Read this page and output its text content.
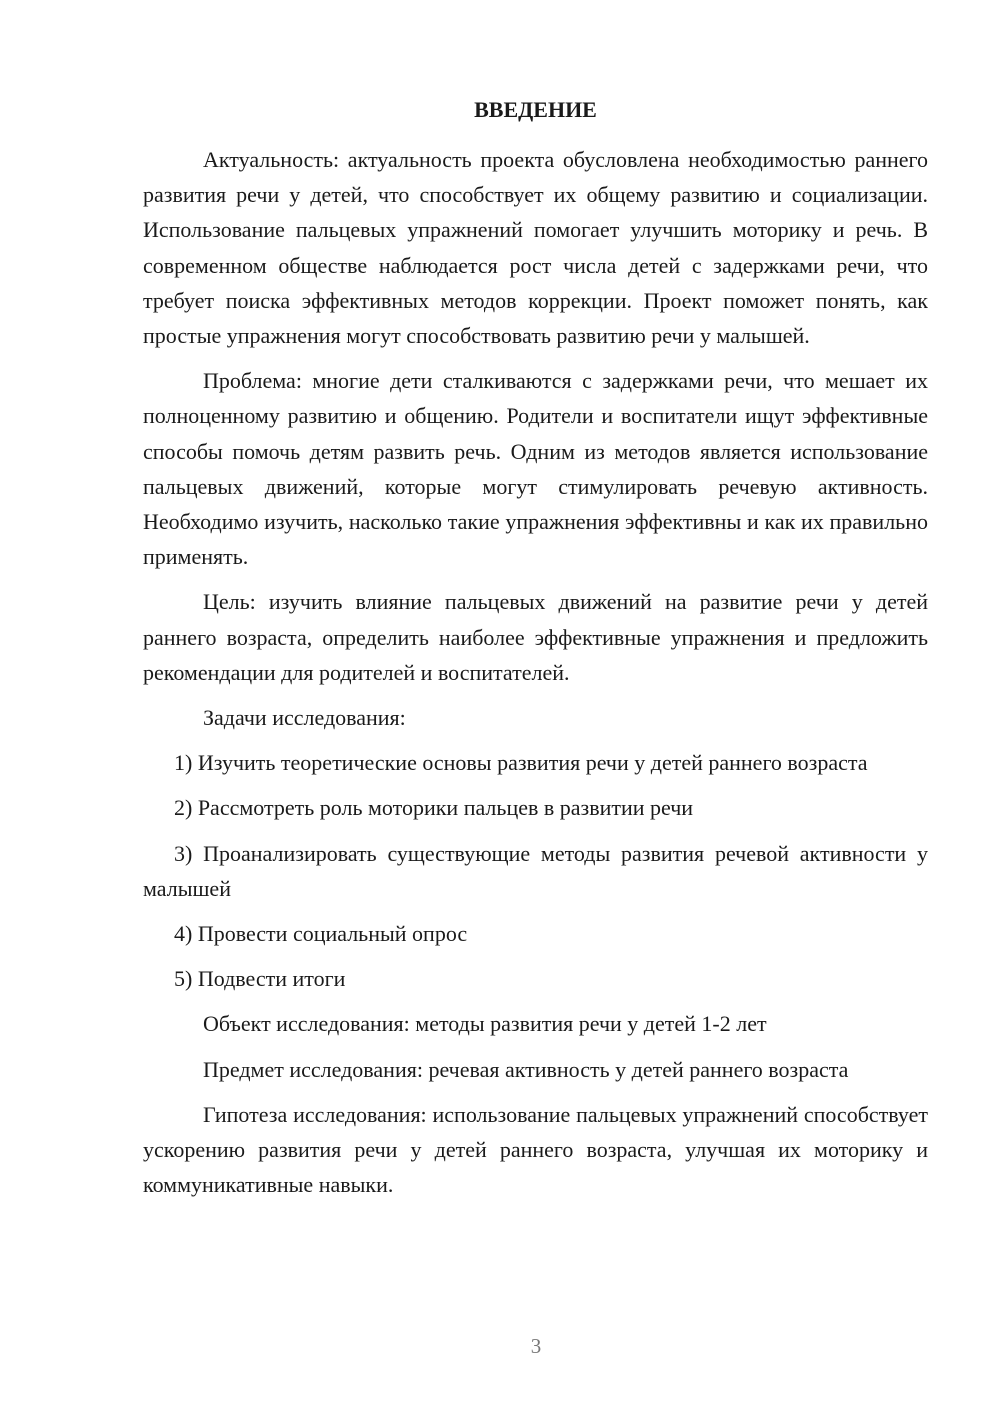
ВВЕДЕНИЕ

Актуальность: актуальность проекта обусловлена необходимостью раннего развития речи у детей, что способствует их общему развитию и социализации. Использование пальцевых упражнений помогает улучшить моторику и речь. В современном обществе наблюдается рост числа детей с задержками речи, что требует поиска эффективных методов коррекции. Проект поможет понять, как простые упражнения могут способствовать развитию речи у малышей.

Проблема: многие дети сталкиваются с задержками речи, что мешает их полноценному развитию и общению. Родители и воспитатели ищут эффективные способы помочь детям развить речь. Одним из методов является использование пальцевых движений, которые могут стимулировать речевую активность. Необходимо изучить, насколько такие упражнения эффективны и как их правильно применять.

Цель: изучить влияние пальцевых движений на развитие речи у детей раннего возраста, определить наиболее эффективные упражнения и предложить рекомендации для родителей и воспитателей.

Задачи исследования:

1) Изучить теоретические основы развития речи у детей раннего возраста

2) Рассмотреть роль моторики пальцев в развитии речи

3) Проанализировать существующие методы развития речевой активности у малышей

4) Провести социальный опрос

5) Подвести итоги

Объект исследования: методы развития речи у детей 1-2 лет

Предмет исследования: речевая активность у детей раннего возраста

Гипотеза исследования: использование пальцевых упражнений способствует ускорению развития речи у детей раннего возраста, улучшая их моторику и коммуникативные навыки.

3
